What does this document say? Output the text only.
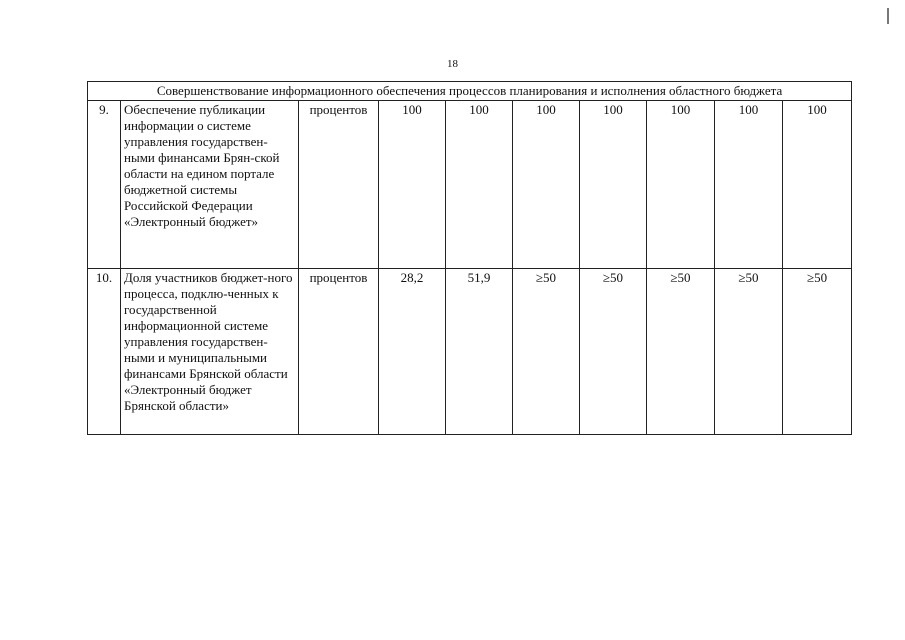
18
Совершенствование информационного обеспечения процессов планирования и исполнения областного бюджета									
9.	Обеспечение публикации информации о системе управления государствен-ными финансами Брян-ской области на едином портале бюджетной системы Российской Федерации «Электронный бюджет»	процентов	100	100	100	100	100	100	100
10.	Доля участников бюджет-ного процесса, подклю-ченных к государственной информационной системе управления государствен-ными и муниципальными финансами Брянской области «Электронный бюджет Брянской области»	процентов	28,2	51,9	≥50	≥50	≥50	≥50	≥50
